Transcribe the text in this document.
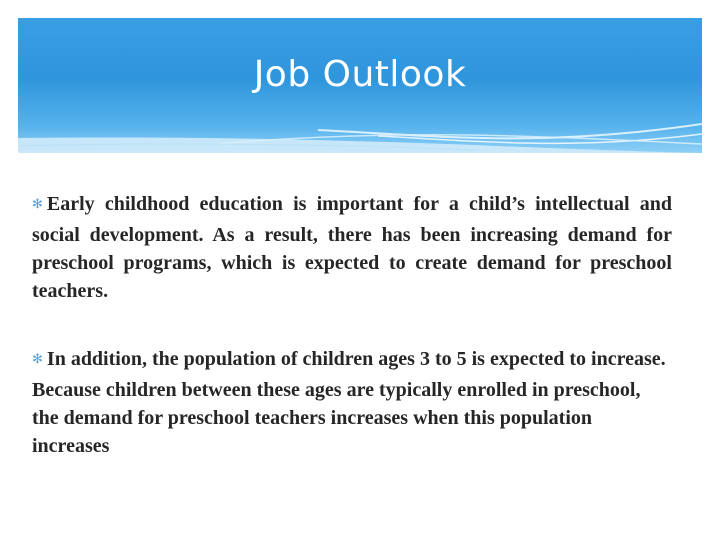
Job Outlook

✻ Early childhood education is important for a child’s intellectual and social development. As a result, there has been increasing demand for preschool programs, which is expected to create demand for preschool teachers.

✻ In addition, the population of children ages 3 to 5 is expected to increase. Because children between these ages are typically enrolled in preschool, the demand for preschool teachers increases when this population increases
